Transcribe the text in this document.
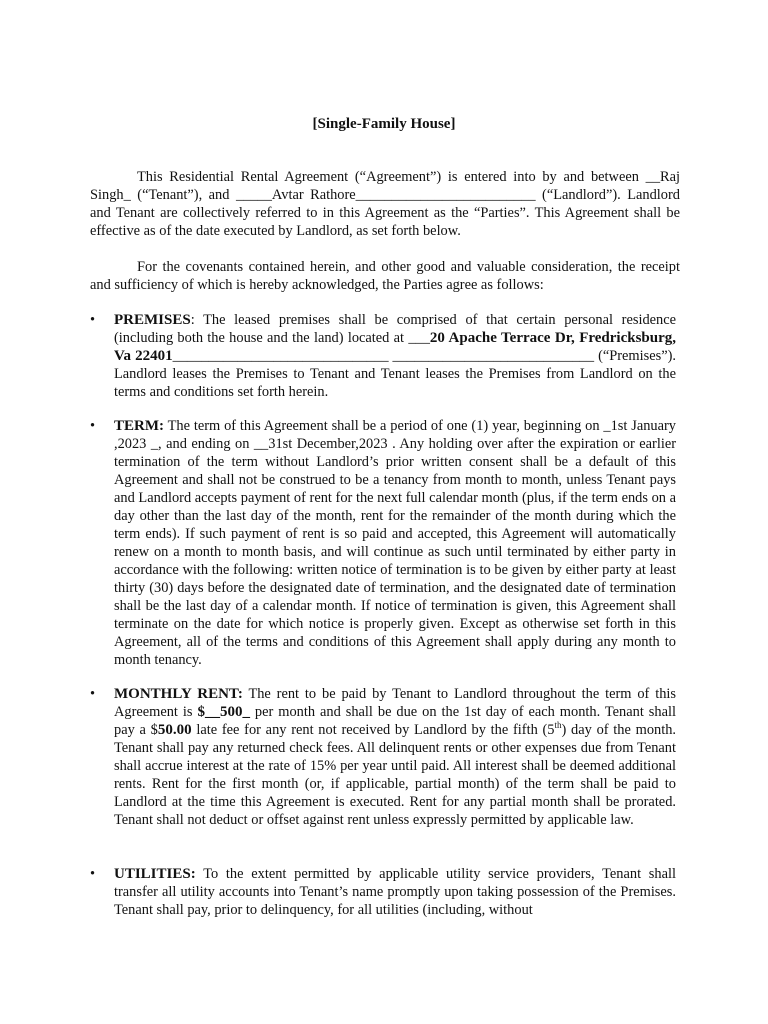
[Single-Family House]
This Residential Rental Agreement (“Agreement”) is entered into by and between __Raj Singh_ (“Tenant”), and _____Avtar Rathore_________________________ (“Landlord”). Landlord and Tenant are collectively referred to in this Agreement as the “Parties”. This Agreement shall be effective as of the date executed by Landlord, as set forth below.
For the covenants contained herein, and other good and valuable consideration, the receipt and sufficiency of which is hereby acknowledged, the Parties agree as follows:
•	PREMISES: The leased premises shall be comprised of that certain personal residence (including both the house and the land) located at ___20 Apache Terrace Dr, Fredricksburg, Va 22401______________________________ ____________________________ (“Premises”). Landlord leases the Premises to Tenant and Tenant leases the Premises from Landlord on the terms and conditions set forth herein.
•	TERM: The term of this Agreement shall be a period of one (1) year, beginning on _1st January ,2023 _, and ending on __31st December,2023 . Any holding over after the expiration or earlier termination of the term without Landlord’s prior written consent shall be a default of this Agreement and shall not be construed to be a tenancy from month to month, unless Tenant pays and Landlord accepts payment of rent for the next full calendar month (plus, if the term ends on a day other than the last day of the month, rent for the remainder of the month during which the term ends). If such payment of rent is so paid and accepted, this Agreement will automatically renew on a month to month basis, and will continue as such until terminated by either party in accordance with the following: written notice of termination is to be given by either party at least thirty (30) days before the designated date of termination, and the designated date of termination shall be the last day of a calendar month. If notice of termination is given, this Agreement shall terminate on the date for which notice is properly given. Except as otherwise set forth in this Agreement, all of the terms and conditions of this Agreement shall apply during any month to month tenancy.
•	MONTHLY RENT: The rent to be paid by Tenant to Landlord throughout the term of this Agreement is $__500_ per month and shall be due on the 1st day of each month. Tenant shall pay a $50.00 late fee for any rent not received by Landlord by the fifth (5th) day of the month. Tenant shall pay any returned check fees. All delinquent rents or other expenses due from Tenant shall accrue interest at the rate of 15% per year until paid. All interest shall be deemed additional rents. Rent for the first month (or, if applicable, partial month) of the term shall be paid to Landlord at the time this Agreement is executed. Rent for any partial month shall be prorated. Tenant shall not deduct or offset against rent unless expressly permitted by applicable law.
•	UTILITIES: To the extent permitted by applicable utility service providers, Tenant shall transfer all utility accounts into Tenant’s name promptly upon taking possession of the Premises. Tenant shall pay, prior to delinquency, for all utilities (including, without
